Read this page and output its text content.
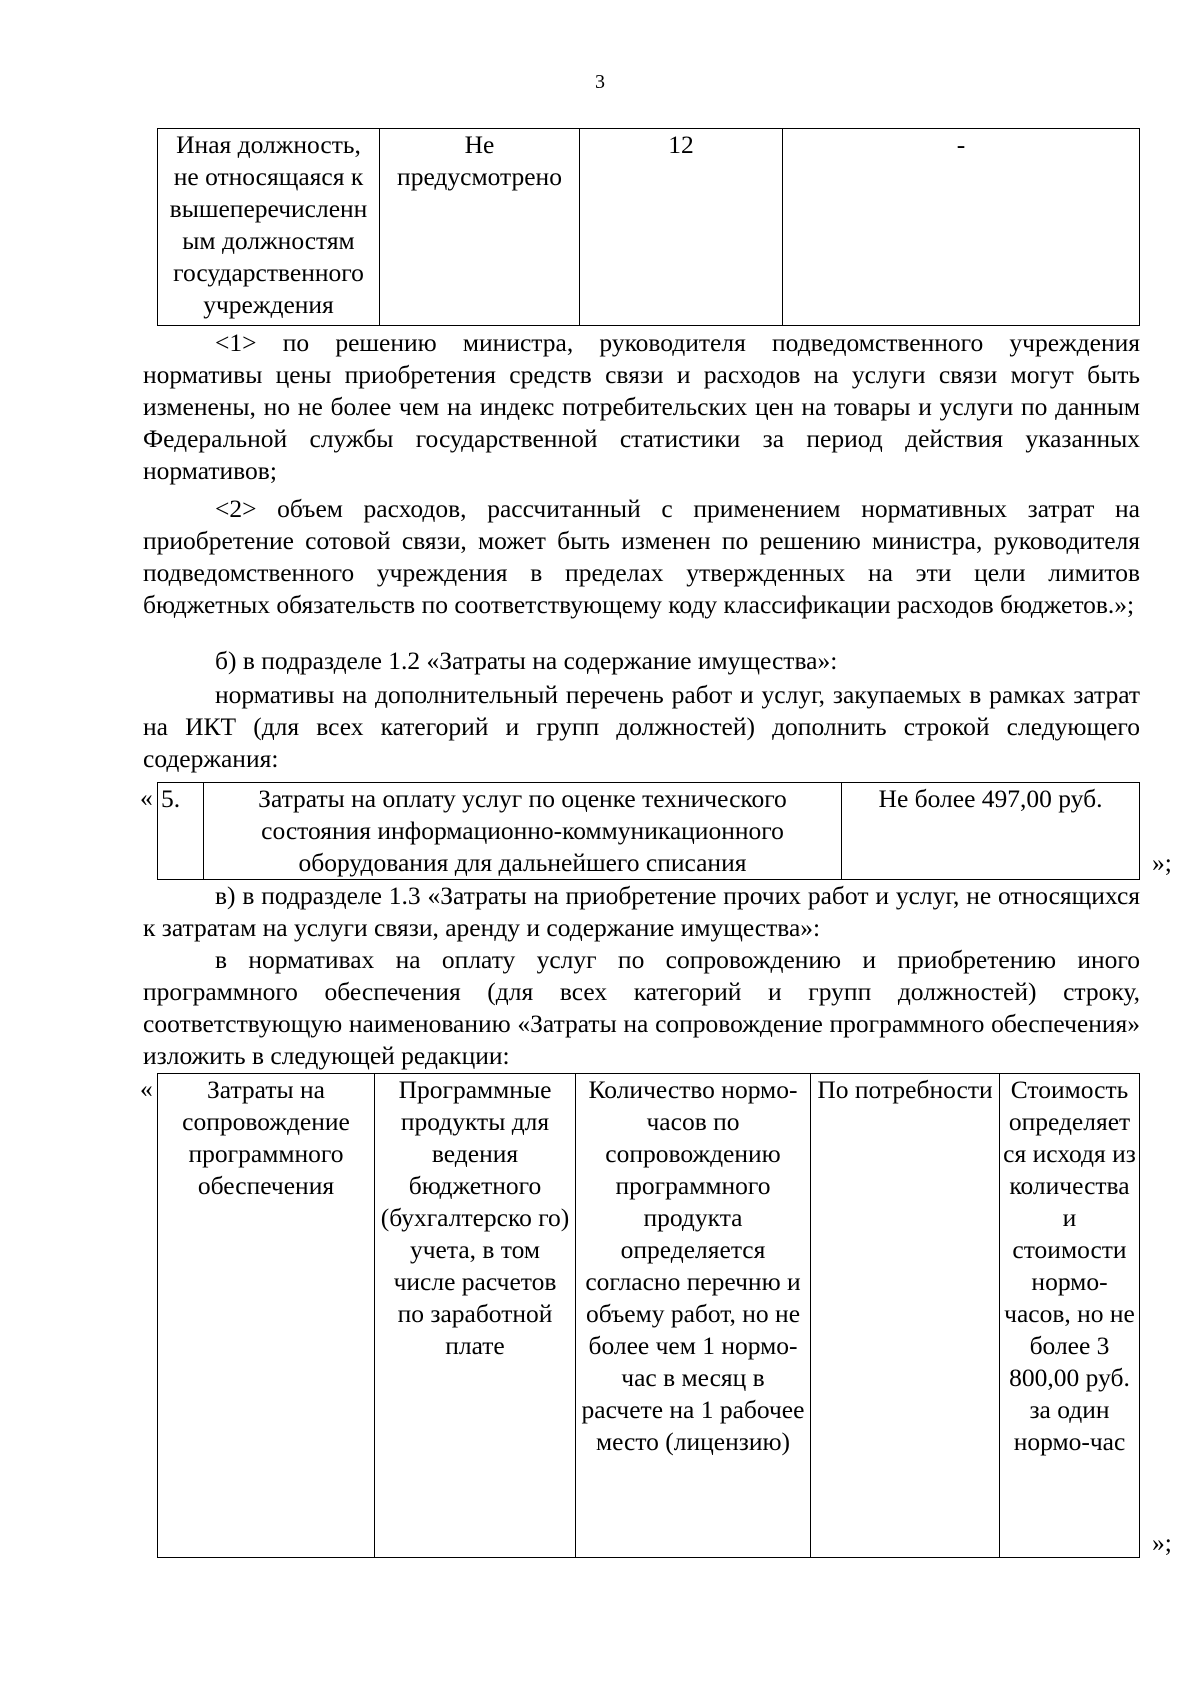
3
Иная должность, не относящаяся к вышеперечисленн ым должностям государственного учреждения	Не предусмотрено	12	-
<1> по решению министра, руководителя подведомственного учреждения нормативы цены приобретения средств связи и расходов на услуги связи могут быть изменены, но не более чем на индекс потребительских цен на товары и услуги по данным Федеральной службы государственной статистики за период действия указанных нормативов;
<2> объем расходов, рассчитанный с применением нормативных затрат на приобретение сотовой связи, может быть изменен по решению министра, руководителя подведомственного учреждения в пределах утвержденных на эти цели лимитов бюджетных обязательств по соответствующему коду классификации расходов бюджетов.»;
б) в подразделе 1.2 «Затраты на содержание имущества»:
нормативы на дополнительный перечень работ и услуг, закупаемых в рамках затрат на ИКТ (для всех категорий и групп должностей) дополнить строкой следующего содержания:
« 5.	Затраты на оплату услуг по оценке технического состояния информационно-коммуникационного оборудования для дальнейшего списания	Не более 497,00 руб.
»;
в) в подразделе 1.3 «Затраты на приобретение прочих работ и услуг, не относящихся к затратам на услуги связи, аренду и содержание имущества»:
в нормативах на оплату услуг по сопровождению и приобретению иного программного обеспечения (для всех категорий и групп должностей) строку, соответствующую наименованию «Затраты на сопровождение программного обеспечения» изложить в следующей редакции:
« Затраты на сопровождение программного обеспечения	Программные продукты для ведения бюджетного (бухгалтерско го) учета, в том числе расчетов по заработной плате	Количество нормо-часов по сопровождению программного продукта определяется согласно перечню и объему работ, но не более чем 1 нормо-час в месяц в расчете на 1 рабочее место (лицензию)	По потребности	Стоимость определяет ся исходя из количества и стоимости нормо-часов, но не более 3 800,00 руб. за один нормо-час
»;
